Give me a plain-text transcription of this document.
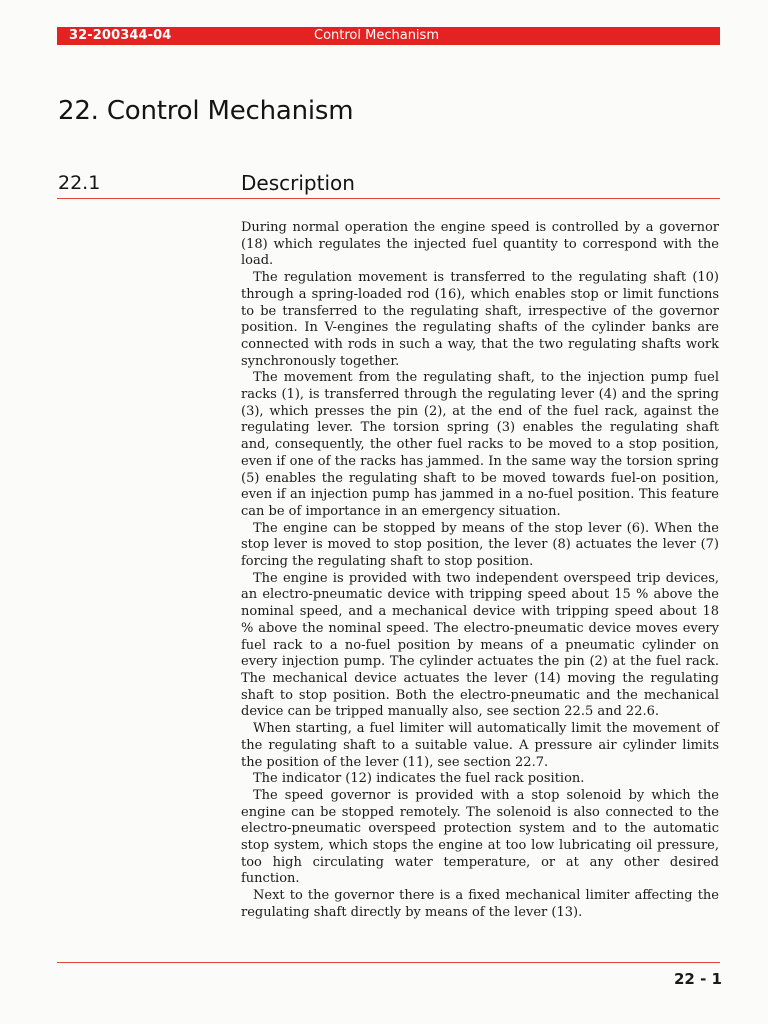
32-200344-04	Control Mechanism
22. Control Mechanism
22.1	Description

During normal operation the engine speed is controlled by a governor (18) which regulates the injected fuel quantity to correspond with the load.

The regulation movement is transferred to the regulating shaft (10) through a spring-loaded rod (16), which enables stop or limit functions to be transferred to the regulating shaft, irrespective of the governor position. In V-engines the regulating shafts of the cylinder banks are connected with rods in such a way, that the two regulating shafts work synchronously together.

The movement from the regulating shaft, to the injection pump fuel racks (1), is transferred through the regulating lever (4) and the spring (3), which presses the pin (2), at the end of the fuel rack, against the regulating lever. The torsion spring (3) enables the regulating shaft and, consequently, the other fuel racks to be moved to a stop position, even if one of the racks has jammed. In the same way the torsion spring (5) enables the regulating shaft to be moved towards fuel-on position, even if an injection pump has jammed in a no-fuel position. This feature can be of importance in an emergency situation.

The engine can be stopped by means of the stop lever (6). When the stop lever is moved to stop position, the lever (8) actuates the lever (7) forcing the regulating shaft to stop position.

The engine is provided with two independent overspeed trip devices, an electro-pneumatic device with tripping speed about 15 % above the nominal speed, and a mechanical device with tripping speed about 18 % above the nominal speed. The electro-pneumatic device moves every fuel rack to a no-fuel position by means of a pneumatic cylinder on every injection pump. The cylinder actuates the pin (2) at the fuel rack. The mechanical device actuates the lever (14) moving the regulating shaft to stop position. Both the electro-pneumatic and the mechanical device can be tripped manually also, see section 22.5 and 22.6.

When starting, a fuel limiter will automatically limit the movement of the regulating shaft to a suitable value. A pressure air cylinder limits the position of the lever (11), see section 22.7.

The indicator (12) indicates the fuel rack position.

The speed governor is provided with a stop solenoid by which the engine can be stopped remotely. The solenoid is also connected to the electro-pneumatic overspeed protection system and to the automatic stop system, which stops the engine at too low lubricating oil pressure, too high circulating water temperature, or at any other desired function.

Next to the governor there is a fixed mechanical limiter affecting the regulating shaft directly by means of the lever (13).

22 - 1
